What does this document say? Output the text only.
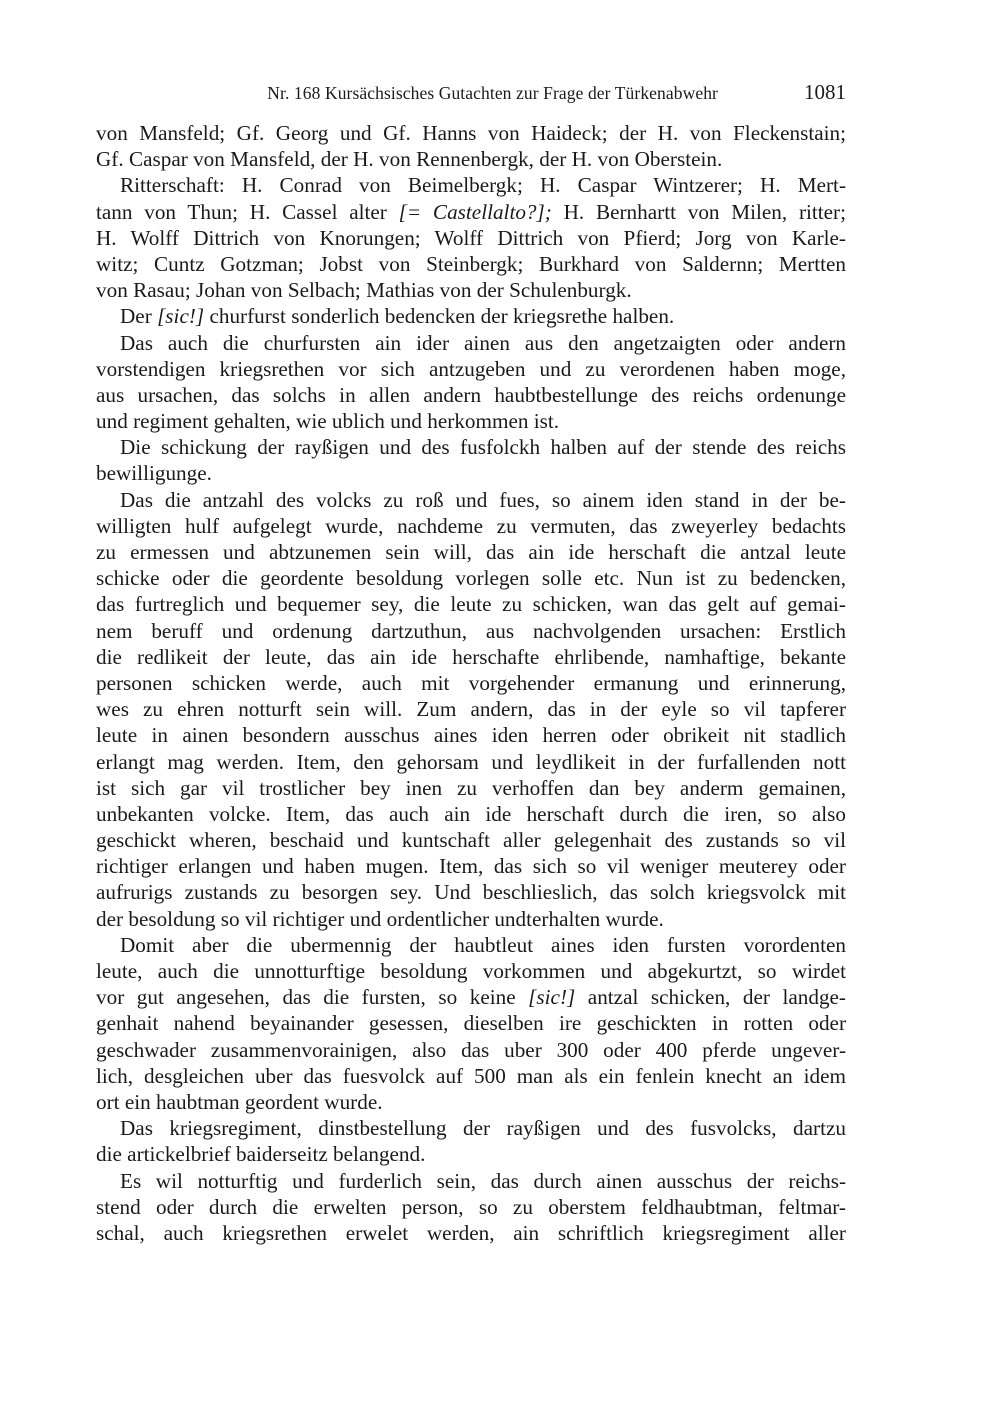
Nr. 168 Kursächsisches Gutachten zur Frage der Türkenabwehr	1081
von Mansfeld; Gf. Georg und Gf. Hanns von Haideck; der H. von Fleckenstain;
Gf. Caspar von Mansfeld, der H. von Rennenbergk, der H. von Oberstein.
Ritterschaft: H. Conrad von Beimelbergk; H. Caspar Wintzerer; H. Mert-
tann von Thun; H. Cassel alter [= Castellalto?]; H. Bernhartt von Milen, ritter;
H. Wolff Dittrich von Knorungen; Wolff Dittrich von Pfierd; Jorg von Karle-
witz; Cuntz Gotzman; Jobst von Steinbergk; Burkhard von Saldernn; Mertten
von Rasau; Johan von Selbach; Mathias von der Schulenburgk.
Der [sic!] churfurst sonderlich bedencken der kriegsrethe halben.
Das auch die churfursten ain ider ainen aus den angetzaigten oder andern
vorstendigen kriegsrethen vor sich antzugeben und zu verordenen haben moge,
aus ursachen, das solchs in allen andern haubtbestellunge des reichs ordenunge
und regiment gehalten, wie ublich und herkommen ist.
Die schickung der rayßigen und des fusfolckh halben auf der stende des reichs
bewilligunge.
Das die antzahl des volcks zu roß und fues, so ainem iden stand in der be-
willigten hulf aufgelegt wurde, nachdeme zu vermuten, das zweyerley bedachts
zu ermessen und abtzunemen sein will, das ain ide herschaft die antzal leute
schicke oder die geordente besoldung vorlegen solle etc. Nun ist zu bedencken,
das furtreglich und bequemer sey, die leute zu schicken, wan das gelt auf gemai-
nem beruff und ordenung dartzuthun, aus nachvolgenden ursachen: Erstlich
die redlikeit der leute, das ain ide herschafte ehrlibende, namhaftige, bekante
personen schicken werde, auch mit vorgehender ermanung und erinnerung,
wes zu ehren notturft sein will. Zum andern, das in der eyle so vil tapferer
leute in ainen besondern ausschus aines iden herren oder obrikeit nit stadlich
erlangt mag werden. Item, den gehorsam und leydlikeit in der furfallenden nott
ist sich gar vil trostlicher bey inen zu verhoffen dan bey anderm gemainen,
unbekanten volcke. Item, das auch ain ide herschaft durch die iren, so also
geschickt wheren, beschaid und kuntschaft aller gelegenhait des zustands so vil
richtiger erlangen und haben mugen. Item, das sich so vil weniger meuterey oder
aufrurigs zustands zu besorgen sey. Und beschlieslich, das solch kriegsvolck mit
der besoldung so vil richtiger und ordentlicher undterhalten wurde.
Domit aber die ubermennig der haubtleut aines iden fursten vorordenten
leute, auch die unnotturftige besoldung vorkommen und abgekurtzt, so wirdet
vor gut angesehen, das die fursten, so keine [sic!] antzal schicken, der landge-
genhait nahend beyainander gesessen, dieselben ire geschickten in rotten oder
geschwader zusammenvorainigen, also das uber 300 oder 400 pferde ungever-
lich, desgleichen uber das fuesvolck auf 500 man als ein fenlein knecht an idem
ort ein haubtman geordent wurde.
Das kriegsregiment, dinstbestellung der rayßigen und des fusvolcks, dartzu
die artickelbrief baiderseitz belangend.
Es wil notturftig und furderlich sein, das durch ainen ausschus der reichs-
stend oder durch die erwelten person, so zu oberstem feldhaubtman, feltmar-
schal, auch kriegsrethen erwelet werden, ain schriftlich kriegsregiment aller
